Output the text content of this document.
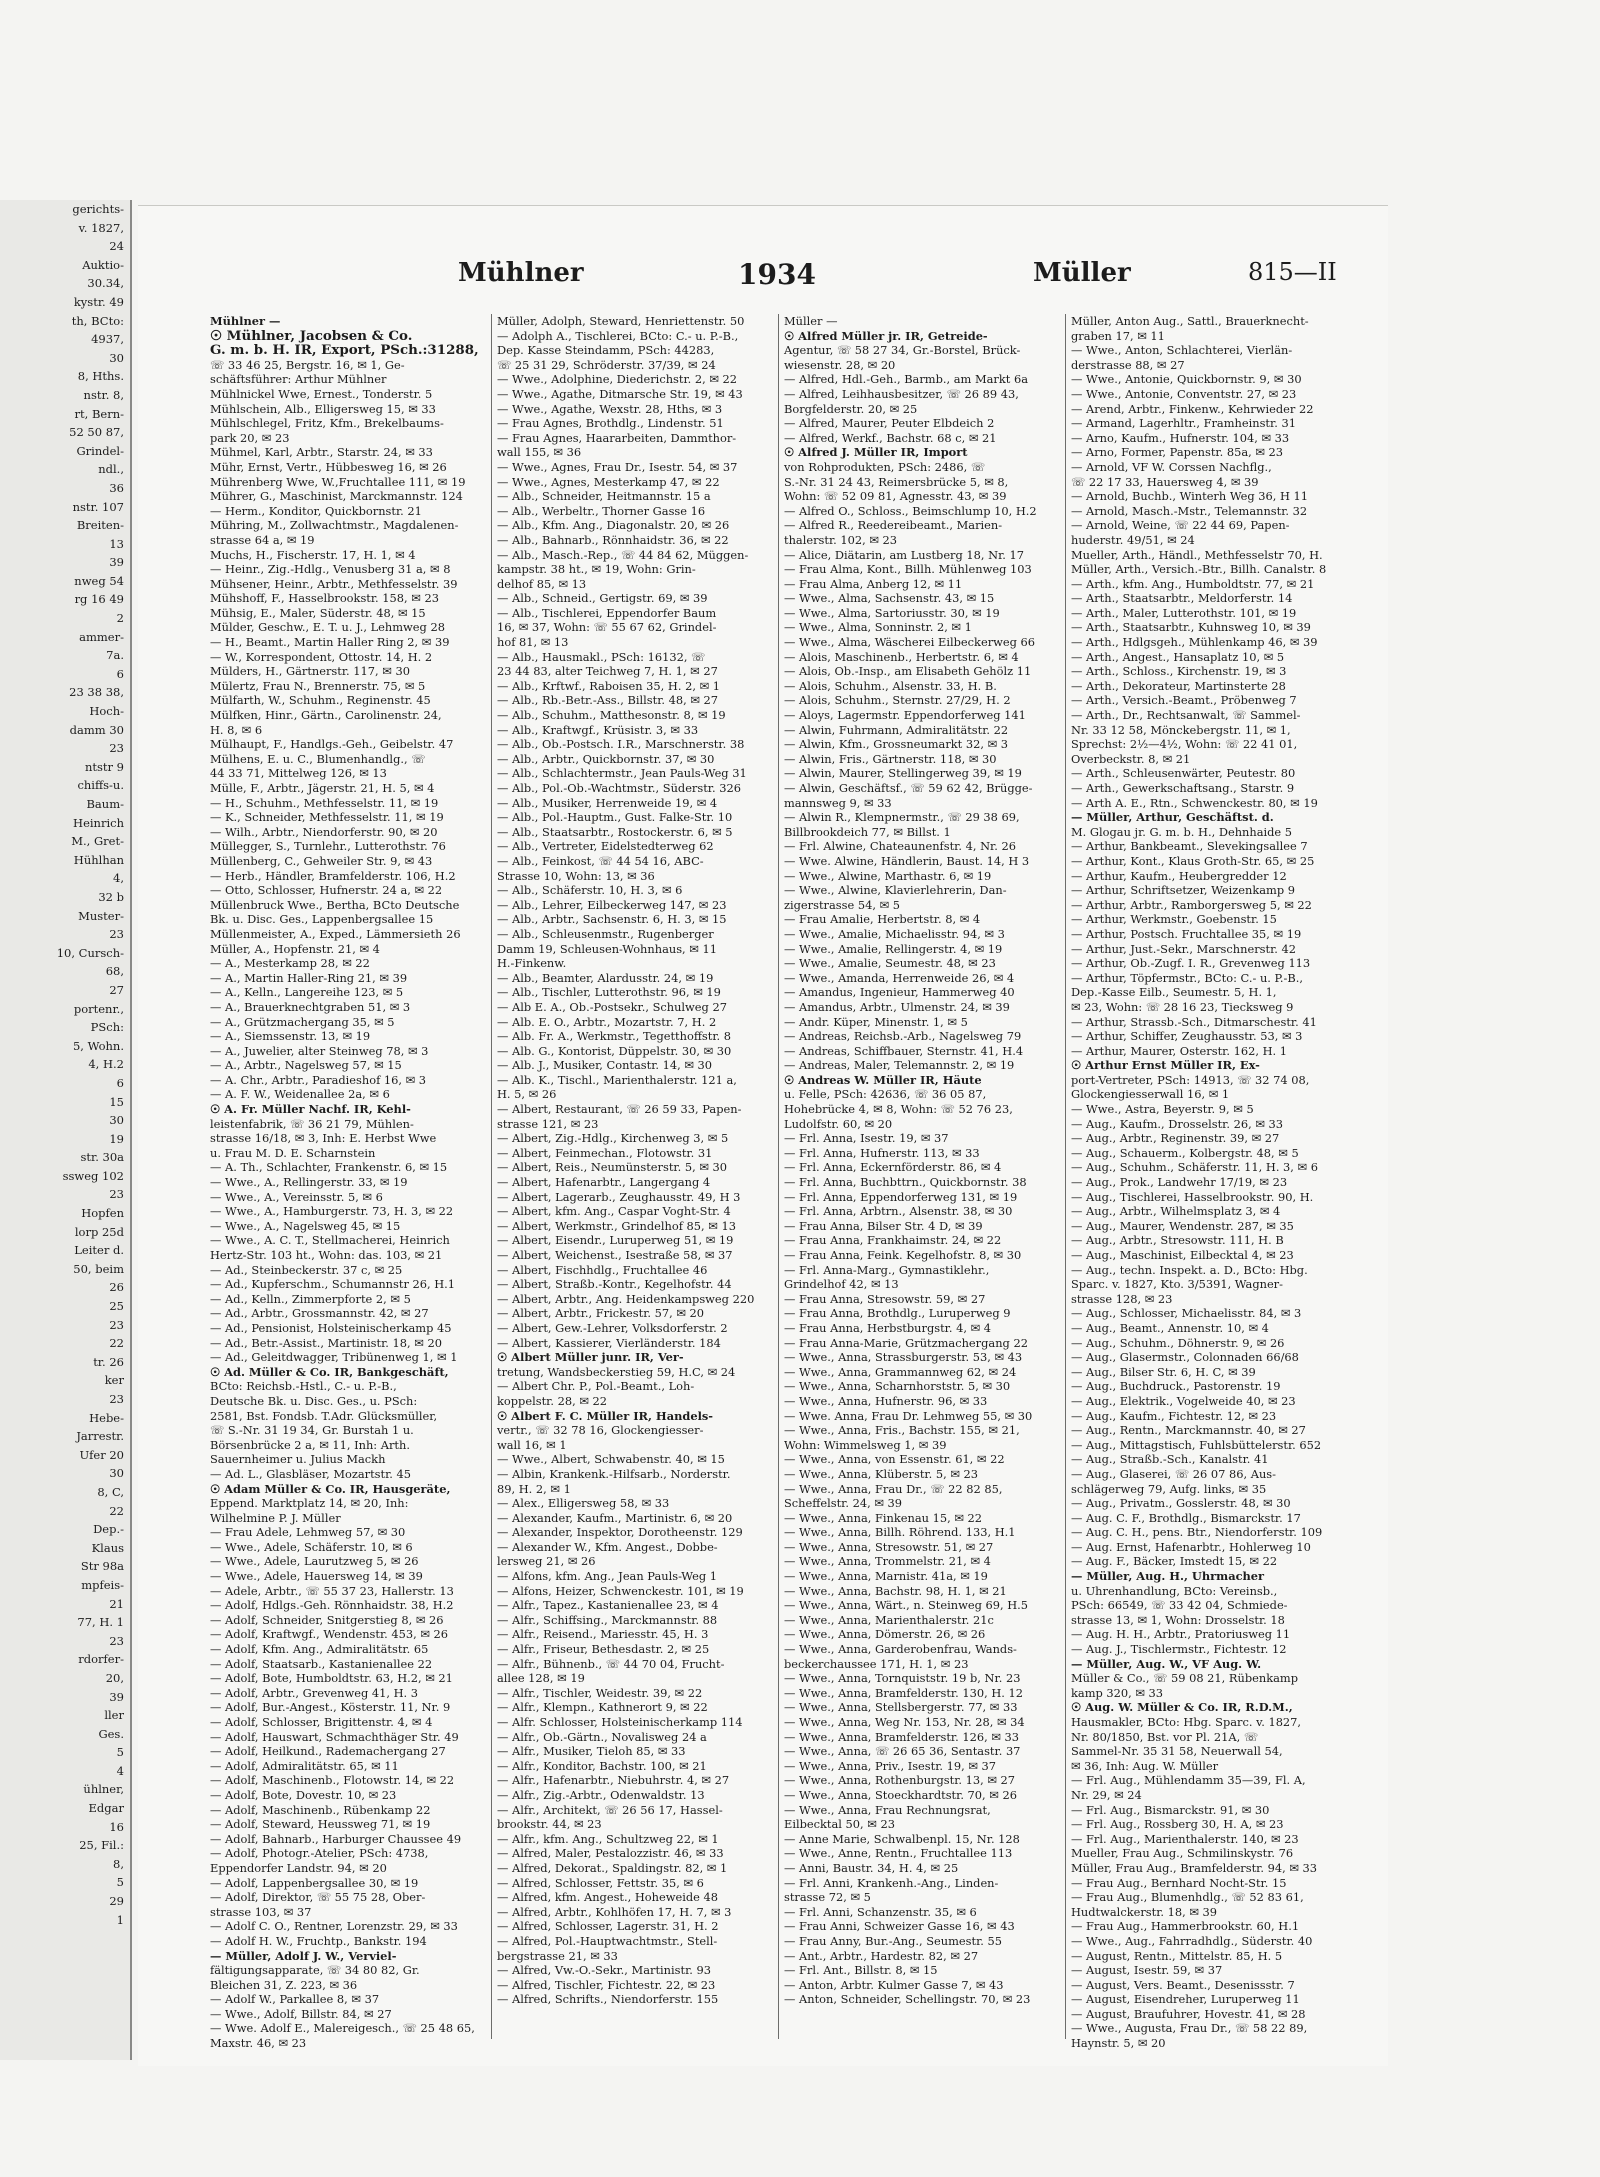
gerichts-
v. 1827,
24
Auktio-
30.34,
kystr. 49
th, BCto:
4937,
30
8, Hths.
nstr. 8,
rt, Bern-
52 50 87,
Grindel-
ndl.,
36
nstr. 107
Breiten-
13
39
nweg 54
rg 16 49
2
ammer-
7a.
6
23 38 38,
Hoch-
damm 30
23
ntstr 9
chiffs-u.
Baum-
Heinrich
M., Gret-
Hühlhan
4,
32 b
Muster-
23
10, Cursch-
68,
27
portenr.,
PSch:
5, Wohn.
4, H.2
6
15
30
19
str. 30a
ssweg 102
23
Hopfen
lorp 25d
Leiter d.
50, beim
26
25
23
22
tr. 26
ker
23
Hebe-
Jarrestr.
Ufer 20
30
8, C,
22
Dep.-
Klaus
Str 98a
mpfeis-
21
77, H. 1
23
rdorfer-
20,
39
ller
Ges.
5
4
ühlner,
Edgar
16
25, Fil.:
8,
5
29
1
Mühlner	1934	Müller	815—II
Mühlner —
☉ Mühlner, Jacobsen & Co.
G. m. b. H. IR, Export, PSch.:31288,
☏ 33 46 25, Bergstr. 16, ✉ 1, Ge-
schäftsführer: Arthur Mühlner
Mühlnickel Wwe, Ernest., Tonderstr. 5
Mühlschein, Alb., Elligersweg 15, ✉ 33
Mühlschlegel, Fritz, Kfm., Brekelbaums-
park 20, ✉ 23
Mühmel, Karl, Arbtr., Starstr. 24, ✉ 33
Mühr, Ernst, Vertr., Hübbesweg 16, ✉ 26
Mührenberg Wwe, W.,Fruchtallee 111, ✉ 19
Mührer, G., Maschinist, Marckmannstr. 124
— Herm., Konditor, Quickbornstr. 21
Mühring, M., Zollwachtmstr., Magdalenen-
strasse 64 a, ✉ 19
Muchs, H., Fischerstr. 17, H. 1, ✉ 4
— Heinr., Zig.-Hdlg., Venusberg 31 a, ✉ 8
Mühsener, Heinr., Arbtr., Methfesselstr. 39
Mühshoff, F., Hasselbrookstr. 158, ✉ 23
Mühsig, E., Maler, Süderstr. 48, ✉ 15
Mülder, Geschw., E. T. u. J., Lehmweg 28
— H., Beamt., Martin Haller Ring 2, ✉ 39
— W., Korrespondent, Ottostr. 14, H. 2
Mülders, H., Gärtnerstr. 117, ✉ 30
Mülertz, Frau N., Brennerstr. 75, ✉ 5
Mülfarth, W., Schuhm., Reginenstr. 45
Mülfken, Hinr., Gärtn., Carolinenstr. 24,
H. 8, ✉ 6
Mülhaupt, F., Handlgs.-Geh., Geibelstr. 47
Mülhens, E. u. C., Blumenhandlg., ☏
44 33 71, Mittelweg 126, ✉ 13
Mülle, F., Arbtr., Jägerstr. 21, H. 5, ✉ 4
— H., Schuhm., Methfesselstr. 11, ✉ 19
— K., Schneider, Methfesselstr. 11, ✉ 19
— Wilh., Arbtr., Niendorferstr. 90, ✉ 20
Müllegger, S., Turnlehr., Lutterothstr. 76
Müllenberg, C., Gehweiler Str. 9, ✉ 43
— Herb., Händler, Bramfelderstr. 106, H.2
— Otto, Schlosser, Hufnerstr. 24 a, ✉ 22
Müllenbruck Wwe., Bertha, BCto Deutsche
Bk. u. Disc. Ges., Lappenbergsallee 15
Müllenmeister, A., Exped., Lämmersieth 26
Müller, A., Hopfenstr. 21, ✉ 4
— A., Mesterkamp 28, ✉ 22
— A., Martin Haller-Ring 21, ✉ 39
— A., Kelln., Langereihe 123, ✉ 5
— A., Brauerknechtgraben 51, ✉ 3
— A., Grützmachergang 35, ✉ 5
— A., Siemssenstr. 13, ✉ 19
— A., Juwelier, alter Steinweg 78, ✉ 3
— A., Arbtr., Nagelsweg 57, ✉ 15
— A. Chr., Arbtr., Paradieshof 16, ✉ 3
— A. F. W., Weidenallee 2a, ✉ 6
☉ A. Fr. Müller Nachf. IR, Kehl-
leistenfabrik, ☏ 36 21 79, Mühlen-
strasse 16/18, ✉ 3, Inh: E. Herbst Wwe
u. Frau M. D. E. Scharnstein
— A. Th., Schlachter, Frankenstr. 6, ✉ 15
— Wwe., A., Rellingerstr. 33, ✉ 19
— Wwe., A., Vereinsstr. 5, ✉ 6
— Wwe., A., Hamburgerstr. 73, H. 3, ✉ 22
— Wwe., A., Nagelsweg 45, ✉ 15
— Wwe., A. C. T., Stellmacherei, Heinrich
Hertz-Str. 103 ht., Wohn: das. 103, ✉ 21
— Ad., Steinbeckerstr. 37 c, ✉ 25
— Ad., Kupferschm., Schumannstr 26, H.1
— Ad., Kelln., Zimmerpforte 2, ✉ 5
— Ad., Arbtr., Grossmannstr. 42, ✉ 27
— Ad., Pensionist, Holsteinischerkamp 45
— Ad., Betr.-Assist., Martinistr. 18, ✉ 20
— Ad., Geleitdwagger, Tribünenweg 1, ✉ 1
☉ Ad. Müller & Co. IR, Bankgeschäft,
BCto: Reichsb.-Hstl., C.- u. P.-B.,
Deutsche Bk. u. Disc. Ges., u. PSch:
2581, Bst. Fondsb. T.Adr. Glücksmüller,
☏ S.-Nr. 31 19 34, Gr. Burstah 1 u.
Börsenbrücke 2 a, ✉ 11, Inh: Arth.
Sauernheimer u. Julius Mackh
— Ad. L., Glasbläser, Mozartstr. 45
☉ Adam Müller & Co. IR, Hausgeräte,
Eppend. Marktplatz 14, ✉ 20, Inh:
Wilhelmine P. J. Müller
— Frau Adele, Lehmweg 57, ✉ 30
— Wwe., Adele, Schäferstr. 10, ✉ 6
— Wwe., Adele, Laurutzweg 5, ✉ 26
— Wwe., Adele, Hauersweg 14, ✉ 39
— Adele, Arbtr., ☏ 55 37 23, Hallerstr. 13
— Adolf, Hdlgs.-Geh. Rönnhaidstr. 38, H.2
— Adolf, Schneider, Snitgerstieg 8, ✉ 26
— Adolf, Kraftwgf., Wendenstr. 453, ✉ 26
— Adolf, Kfm. Ang., Admiralitätstr. 65
— Adolf, Staatsarb., Kastanienallee 22
— Adolf, Bote, Humboldtstr. 63, H.2, ✉ 21
— Adolf, Arbtr., Grevenweg 41, H. 3
— Adolf, Bur.-Angest., Kösterstr. 11, Nr. 9
— Adolf, Schlosser, Brigittenstr. 4, ✉ 4
— Adolf, Hauswart, Schmachthäger Str. 49
— Adolf, Heilkund., Rademachergang 27
— Adolf, Admiralitätstr. 65, ✉ 11
— Adolf, Maschinenb., Flotowstr. 14, ✉ 22
— Adolf, Bote, Dovestr. 10, ✉ 23
— Adolf, Maschinenb., Rübenkamp 22
— Adolf, Steward, Heussweg 71, ✉ 19
— Adolf, Bahnarb., Harburger Chaussee 49
— Adolf, Photogr.-Atelier, PSch: 4738,
Eppendorfer Landstr. 94, ✉ 20
— Adolf, Lappenbergsallee 30, ✉ 19
— Adolf, Direktor, ☏ 55 75 28, Ober-
strasse 103, ✉ 37
— Adolf C. O., Rentner, Lorenzstr. 29, ✉ 33
— Adolf H. W., Fruchtp., Bankstr. 194
— Müller, Adolf J. W., Verviel-
fältigungsapparate, ☏ 34 80 82, Gr.
Bleichen 31, Z. 223, ✉ 36
— Adolf W., Parkallee 8, ✉ 37
— Wwe., Adolf, Billstr. 84, ✉ 27
— Wwe. Adolf E., Malereigesch., ☏ 25 48 65,
Maxstr. 46, ✉ 23
Müller, Adolph, Steward, Henriettenstr. 50
— Adolph A., Tischlerei, BCto: C.- u. P.-B.,
Dep. Kasse Steindamm, PSch: 44283,
☏ 25 31 29, Schröderstr. 37/39, ✉ 24
— Wwe., Adolphine, Diederichstr. 2, ✉ 22
— Wwe., Agathe, Ditmarsche Str. 19, ✉ 43
— Wwe., Agathe, Wexstr. 28, Hths, ✉ 3
— Frau Agnes, Brothdlg., Lindenstr. 51
— Frau Agnes, Haararbeiten, Dammthor-
wall 155, ✉ 36
— Wwe., Agnes, Frau Dr., Isestr. 54, ✉ 37
— Wwe., Agnes, Mesterkamp 47, ✉ 22
— Alb., Schneider, Heitmannstr. 15 a
— Alb., Werbeltr., Thorner Gasse 16
— Alb., Kfm. Ang., Diagonalstr. 20, ✉ 26
— Alb., Bahnarb., Rönnhaidstr. 36, ✉ 22
— Alb., Masch.-Rep., ☏ 44 84 62, Müggen-
kampstr. 38 ht., ✉ 19, Wohn: Grin-
delhof 85, ✉ 13
— Alb., Schneid., Gertigstr. 69, ✉ 39
— Alb., Tischlerei, Eppendorfer Baum
16, ✉ 37, Wohn: ☏ 55 67 62, Grindel-
hof 81, ✉ 13
— Alb., Hausmakl., PSch: 16132, ☏
23 44 83, alter Teichweg 7, H. 1, ✉ 27
— Alb., Krftwf., Raboisen 35, H. 2, ✉ 1
— Alb., Rb.-Betr.-Ass., Billstr. 48, ✉ 27
— Alb., Schuhm., Matthesonstr. 8, ✉ 19
— Alb., Kraftwgf., Krüsistr. 3, ✉ 33
— Alb., Ob.-Postsch. I.R., Marschnerstr. 38
— Alb., Arbtr., Quickbornstr. 37, ✉ 30
— Alb., Schlachtermstr., Jean Pauls-Weg 31
— Alb., Pol.-Ob.-Wachtmstr., Süderstr. 326
— Alb., Musiker, Herrenweide 19, ✉ 4
— Alb., Pol.-Hauptm., Gust. Falke-Str. 10
— Alb., Staatsarbtr., Rostockerstr. 6, ✉ 5
— Alb., Vertreter, Eidelstedterweg 62
— Alb., Feinkost, ☏ 44 54 16, ABC-
Strasse 10, Wohn: 13, ✉ 36
— Alb., Schäferstr. 10, H. 3, ✉ 6
— Alb., Lehrer, Eilbeckerweg 147, ✉ 23
— Alb., Arbtr., Sachsenstr. 6, H. 3, ✉ 15
— Alb., Schleusenmstr., Rugenberger
Damm 19, Schleusen-Wohnhaus, ✉ 11
H.-Finkenw.
— Alb., Beamter, Alardusstr. 24, ✉ 19
— Alb., Tischler, Lutterothstr. 96, ✉ 19
— Alb E. A., Ob.-Postsekr., Schulweg 27
— Alb. E. O., Arbtr., Mozartstr. 7, H. 2
— Alb. Fr. A., Werkmstr., Tegetthoffstr. 8
— Alb. G., Kontorist, Düppelstr. 30, ✉ 30
— Alb. J., Musiker, Contastr. 14, ✉ 30
— Alb. K., Tischl., Marienthalerstr. 121 a,
H. 5, ✉ 26
— Albert, Restaurant, ☏ 26 59 33, Papen-
strasse 121, ✉ 23
— Albert, Zig.-Hdlg., Kirchenweg 3, ✉ 5
— Albert, Feinmechan., Flotowstr. 31
— Albert, Reis., Neumünsterstr. 5, ✉ 30
— Albert, Hafenarbtr., Langergang 4
— Albert, Lagerarb., Zeughausstr. 49, H 3
— Albert, kfm. Ang., Caspar Voght-Str. 4
— Albert, Werkmstr., Grindelhof 85, ✉ 13
— Albert, Eisendr., Luruperweg 51, ✉ 19
— Albert, Weichenst., Isestraße 58, ✉ 37
— Albert, Fischhdlg., Fruchtallee 46
— Albert, Straßb.-Kontr., Kegelhofstr. 44
— Albert, Arbtr., Ang. Heidenkampsweg 220
— Albert, Arbtr., Frickestr. 57, ✉ 20
— Albert, Gew.-Lehrer, Volksdorferstr. 2
— Albert, Kassierer, Vierländerstr. 184
☉ Albert Müller junr. IR, Ver-
tretung, Wandsbeckerstieg 59, H.C, ✉ 24
— Albert Chr. P., Pol.-Beamt., Loh-
koppelstr. 28, ✉ 22
☉ Albert F. C. Müller IR, Handels-
vertr., ☏ 32 78 16, Glockengiesser-
wall 16, ✉ 1
— Wwe., Albert, Schwabenstr. 40, ✉ 15
— Albin, Krankenk.-Hilfsarb., Norderstr.
89, H. 2, ✉ 1
— Alex., Elligersweg 58, ✉ 33
— Alexander, Kaufm., Martinistr. 6, ✉ 20
— Alexander, Inspektor, Dorotheenstr. 129
— Alexander W., Kfm. Angest., Dobbe-
lersweg 21, ✉ 26
— Alfons, kfm. Ang., Jean Pauls-Weg 1
— Alfons, Heizer, Schwenckestr. 101, ✉ 19
— Alfr., Tapez., Kastanienallee 23, ✉ 4
— Alfr., Schiffsing., Marckmannstr. 88
— Alfr., Reisend., Mariesstr. 45, H. 3
— Alfr., Friseur, Bethesdastr. 2, ✉ 25
— Alfr., Bühnenb., ☏ 44 70 04, Frucht-
allee 128, ✉ 19
— Alfr., Tischler, Weidestr. 39, ✉ 22
— Alfr., Klempn., Kathnerort 9, ✉ 22
— Alfr. Schlosser, Holsteinischerkamp 114
— Alfr., Ob.-Gärtn., Novalisweg 24 a
— Alfr., Musiker, Tieloh 85, ✉ 33
— Alfr., Konditor, Bachstr. 100, ✉ 21
— Alfr., Hafenarbtr., Niebuhrstr. 4, ✉ 27
— Alfr., Zig.-Arbtr., Odenwaldstr. 13
— Alfr., Architekt, ☏ 26 56 17, Hassel-
brookstr. 44, ✉ 23
— Alfr., kfm. Ang., Schultzweg 22, ✉ 1
— Alfred, Maler, Pestalozzistr. 46, ✉ 33
— Alfred, Dekorat., Spaldingstr. 82, ✉ 1
— Alfred, Schlosser, Fettstr. 35, ✉ 6
— Alfred, kfm. Angest., Hoheweide 48
— Alfred, Arbtr., Kohlhöfen 17, H. 7, ✉ 3
— Alfred, Schlosser, Lagerstr. 31, H. 2
— Alfred, Pol.-Hauptwachtmstr., Stell-
bergstrasse 21, ✉ 33
— Alfred, Vw.-O.-Sekr., Martinistr. 93
— Alfred, Tischler, Fichtestr. 22, ✉ 23
— Alfred, Schrifts., Niendorferstr. 155
Müller —
☉ Alfred Müller jr. IR, Getreide-
Agentur, ☏ 58 27 34, Gr.-Borstel, Brück-
wiesenstr. 28, ✉ 20
— Alfred, Hdl.-Geh., Barmb., am Markt 6a
— Alfred, Leihhausbesitzer, ☏ 26 89 43,
Borgfelderstr. 20, ✉ 25
— Alfred, Maurer, Peuter Elbdeich 2
— Alfred, Werkf., Bachstr. 68 c, ✉ 21
☉ Alfred J. Müller IR, Import
von Rohprodukten, PSch: 2486, ☏
S.-Nr. 31 24 43, Reimersbrücke 5, ✉ 8,
Wohn: ☏ 52 09 81, Agnesstr. 43, ✉ 39
— Alfred O., Schloss., Beimschlump 10, H.2
— Alfred R., Reedereibeamt., Marien-
thalerstr. 102, ✉ 23
— Alice, Diätarin, am Lustberg 18, Nr. 17
— Frau Alma, Kont., Billh. Mühlenweg 103
— Frau Alma, Anberg 12, ✉ 11
— Wwe., Alma, Sachsenstr. 43, ✉ 15
— Wwe., Alma, Sartoriusstr. 30, ✉ 19
— Wwe., Alma, Sonninstr. 2, ✉ 1
— Wwe., Alma, Wäscherei Eilbeckerweg 66
— Alois, Maschinenb., Herbertstr. 6, ✉ 4
— Alois, Ob.-Insp., am Elisabeth Gehölz 11
— Alois, Schuhm., Alsenstr. 33, H. B.
— Alois, Schuhm., Sternstr. 27/29, H. 2
— Aloys, Lagermstr. Eppendorferweg 141
— Alwin, Fuhrmann, Admiralitätstr. 22
— Alwin, Kfm., Grossneumarkt 32, ✉ 3
— Alwin, Fris., Gärtnerstr. 118, ✉ 30
— Alwin, Maurer, Stellingerweg 39, ✉ 19
— Alwin, Geschäftsf., ☏ 59 62 42, Brügge-
mannsweg 9, ✉ 33
— Alwin R., Klempnermstr., ☏ 29 38 69,
Billbrookdeich 77, ✉ Billst. 1
— Frl. Alwine, Chateaunenfstr. 4, Nr. 26
— Wwe. Alwine, Händlerin, Baust. 14, H 3
— Wwe., Alwine, Marthastr. 6, ✉ 19
— Wwe., Alwine, Klavierlehrerin, Dan-
zigerstrasse 54, ✉ 5
— Frau Amalie, Herbertstr. 8, ✉ 4
— Wwe., Amalie, Michaelisstr. 94, ✉ 3
— Wwe., Amalie, Rellingerstr. 4, ✉ 19
— Wwe., Amalie, Seumestr. 48, ✉ 23
— Wwe., Amanda, Herrenweide 26, ✉ 4
— Amandus, Ingenieur, Hammerweg 40
— Amandus, Arbtr., Ulmenstr. 24, ✉ 39
— Andr. Küper, Minenstr. 1, ✉ 5
— Andreas, Reichsb.-Arb., Nagelsweg 79
— Andreas, Schiffbauer, Sternstr. 41, H.4
— Andreas, Maler, Telemannstr. 2, ✉ 19
☉ Andreas W. Müller IR, Häute
u. Felle, PSch: 42636, ☏ 36 05 87,
Hohebrücke 4, ✉ 8, Wohn: ☏ 52 76 23,
Ludolfstr. 60, ✉ 20
— Frl. Anna, Isestr. 19, ✉ 37
— Frl. Anna, Hufnerstr. 113, ✉ 33
— Frl. Anna, Eckernförderstr. 86, ✉ 4
— Frl. Anna, Buchbttrn., Quickbornstr. 38
— Frl. Anna, Eppendorferweg 131, ✉ 19
— Frl. Anna, Arbtrn., Alsenstr. 38, ✉ 30
— Frau Anna, Bilser Str. 4 D, ✉ 39
— Frau Anna, Frankhaimstr. 24, ✉ 22
— Frau Anna, Feink. Kegelhofstr. 8, ✉ 30
— Frl. Anna-Marg., Gymnastiklehr.,
Grindelhof 42, ✉ 13
— Frau Anna, Stresowstr. 59, ✉ 27
— Frau Anna, Brothdlg., Luruperweg 9
— Frau Anna, Herbstburgstr. 4, ✉ 4
— Frau Anna-Marie, Grützmachergang 22
— Wwe., Anna, Strassburgerstr. 53, ✉ 43
— Wwe., Anna, Grammannweg 62, ✉ 24
— Wwe., Anna, Scharnhorststr. 5, ✉ 30
— Wwe., Anna, Hufnerstr. 96, ✉ 33
— Wwe. Anna, Frau Dr. Lehmweg 55, ✉ 30
— Wwe., Anna, Fris., Bachstr. 155, ✉ 21,
Wohn: Wimmelsweg 1, ✉ 39
— Wwe., Anna, von Essenstr. 61, ✉ 22
— Wwe., Anna, Klüberstr. 5, ✉ 23
— Wwe., Anna, Frau Dr., ☏ 22 82 85,
Scheffelstr. 24, ✉ 39
— Wwe., Anna, Finkenau 15, ✉ 22
— Wwe., Anna, Billh. Röhrend. 133, H.1
— Wwe., Anna, Stresowstr. 51, ✉ 27
— Wwe., Anna, Trommelstr. 21, ✉ 4
— Wwe., Anna, Marnistr. 41a, ✉ 19
— Wwe., Anna, Bachstr. 98, H. 1, ✉ 21
— Wwe., Anna, Wärt., n. Steinweg 69, H.5
— Wwe., Anna, Marienthalerstr. 21c
— Wwe., Anna, Dömerstr. 26, ✉ 26
— Wwe., Anna, Garderobenfrau, Wands-
beckerchaussee 171, H. 1, ✉ 23
— Wwe., Anna, Tornquiststr. 19 b, Nr. 23
— Wwe., Anna, Bramfelderstr. 130, H. 12
— Wwe., Anna, Stellsbergerstr. 77, ✉ 33
— Wwe., Anna, Weg Nr. 153, Nr. 28, ✉ 34
— Wwe., Anna, Bramfelderstr. 126, ✉ 33
— Wwe., Anna, ☏ 26 65 36, Sentastr. 37
— Wwe., Anna, Priv., Isestr. 19, ✉ 37
— Wwe., Anna, Rothenburgstr. 13, ✉ 27
— Wwe., Anna, Stoeckhardtstr. 70, ✉ 26
— Wwe., Anna, Frau Rechnungsrat,
Eilbecktal 50, ✉ 23
— Anne Marie, Schwalbenpl. 15, Nr. 128
— Wwe., Anne, Rentn., Fruchtallee 113
— Anni, Baustr. 34, H. 4, ✉ 25
— Frl. Anni, Krankenh.-Ang., Linden-
strasse 72, ✉ 5
— Frl. Anni, Schanzenstr. 35, ✉ 6
— Frau Anni, Schweizer Gasse 16, ✉ 43
— Frau Anny, Bur.-Ang., Seumestr. 55
— Ant., Arbtr., Hardestr. 82, ✉ 27
— Frl. Ant., Billstr. 8, ✉ 15
— Anton, Arbtr. Kulmer Gasse 7, ✉ 43
— Anton, Schneider, Schellingstr. 70, ✉ 23
Müller, Anton Aug., Sattl., Brauerknecht-
graben 17, ✉ 11
— Wwe., Anton, Schlachterei, Vierlän-
derstrasse 88, ✉ 27
— Wwe., Antonie, Quickbornstr. 9, ✉ 30
— Wwe., Antonie, Conventstr. 27, ✉ 23
— Arend, Arbtr., Finkenw., Kehrwieder 22
— Armand, Lagerhltr., Framheinstr. 31
— Arno, Kaufm., Hufnerstr. 104, ✉ 33
— Arno, Former, Papenstr. 85a, ✉ 23
— Arnold, VF W. Corssen Nachflg.,
☏ 22 17 33, Hauersweg 4, ✉ 39
— Arnold, Buchb., Winterh Weg 36, H 11
— Arnold, Masch.-Mstr., Telemannstr. 32
— Arnold, Weine, ☏ 22 44 69, Papen-
huderstr. 49/51, ✉ 24
Mueller, Arth., Händl., Methfesselstr 70, H.
Müller, Arth., Versich.-Btr., Billh. Canalstr. 8
— Arth., kfm. Ang., Humboldtstr. 77, ✉ 21
— Arth., Staatsarbtr., Meldorferstr. 14
— Arth., Maler, Lutterothstr. 101, ✉ 19
— Arth., Staatsarbtr., Kuhnsweg 10, ✉ 39
— Arth., Hdlgsgeh., Mühlenkamp 46, ✉ 39
— Arth., Angest., Hansaplatz 10, ✉ 5
— Arth., Schloss., Kirchenstr. 19, ✉ 3
— Arth., Dekorateur, Martinsterte 28
— Arth., Versich.-Beamt., Pröbenweg 7
— Arth., Dr., Rechtsanwalt, ☏ Sammel-
Nr. 33 12 58, Mönckebergstr. 11, ✉ 1,
Sprechst: 2½—4½, Wohn: ☏ 22 41 01,
Overbeckstr. 8, ✉ 21
— Arth., Schleusenwärter, Peutestr. 80
— Arth., Gewerkschaftsang., Starstr. 9
— Arth A. E., Rtn., Schwenckestr. 80, ✉ 19
— Müller, Arthur, Geschäftst. d.
M. Glogau jr. G. m. b. H., Dehnhaide 5
— Arthur, Bankbeamt., Slevekingsallee 7
— Arthur, Kont., Klaus Groth-Str. 65, ✉ 25
— Arthur, Kaufm., Heubergredder 12
— Arthur, Schriftsetzer, Weizenkamp 9
— Arthur, Arbtr., Ramborgersweg 5, ✉ 22
— Arthur, Werkmstr., Goebenstr. 15
— Arthur, Postsch. Fruchtallee 35, ✉ 19
— Arthur, Just.-Sekr., Marschnerstr. 42
— Arthur, Ob.-Zugf. I. R., Grevenweg 113
— Arthur, Töpfermstr., BCto: C.- u. P.-B.,
Dep.-Kasse Eilb., Seumestr. 5, H. 1,
✉ 23, Wohn: ☏ 28 16 23, Tiecksweg 9
— Arthur, Strassb.-Sch., Ditmarschestr. 41
— Arthur, Schiffer, Zeughausstr. 53, ✉ 3
— Arthur, Maurer, Osterstr. 162, H. 1
☉ Arthur Ernst Müller IR, Ex-
port-Vertreter, PSch: 14913, ☏ 32 74 08,
Glockengiesserwall 16, ✉ 1
— Wwe., Astra, Beyerstr. 9, ✉ 5
— Aug., Kaufm., Drosselstr. 26, ✉ 33
— Aug., Arbtr., Reginenstr. 39, ✉ 27
— Aug., Schauerm., Kolbergstr. 48, ✉ 5
— Aug., Schuhm., Schäferstr. 11, H. 3, ✉ 6
— Aug., Prok., Landwehr 17/19, ✉ 23
— Aug., Tischlerei, Hasselbrookstr. 90, H.
— Aug., Arbtr., Wilhelmsplatz 3, ✉ 4
— Aug., Maurer, Wendenstr. 287, ✉ 35
— Aug., Arbtr., Stresowstr. 111, H. B
— Aug., Maschinist, Eilbecktal 4, ✉ 23
— Aug., techn. Inspekt. a. D., BCto: Hbg.
Sparc. v. 1827, Kto. 3/5391, Wagner-
strasse 128, ✉ 23
— Aug., Schlosser, Michaelisstr. 84, ✉ 3
— Aug., Beamt., Annenstr. 10, ✉ 4
— Aug., Schuhm., Döhnerstr. 9, ✉ 26
— Aug., Glasermstr., Colonnaden 66/68
— Aug., Bilser Str. 6, H. C, ✉ 39
— Aug., Buchdruck., Pastorenstr. 19
— Aug., Elektrik., Vogelweide 40, ✉ 23
— Aug., Kaufm., Fichtestr. 12, ✉ 23
— Aug., Rentn., Marckmannstr. 40, ✉ 27
— Aug., Mittagstisch, Fuhlsbüttelerstr. 652
— Aug., Straßb.-Sch., Kanalstr. 41
— Aug., Glaserei, ☏ 26 07 86, Aus-
schlägerweg 79, Aufg. links, ✉ 35
— Aug., Privatm., Gosslerstr. 48, ✉ 30
— Aug. C. F., Brothdlg., Bismarckstr. 17
— Aug. C. H., pens. Btr., Niendorferstr. 109
— Aug. Ernst, Hafenarbtr., Hohlerweg 10
— Aug. F., Bäcker, Imstedt 15, ✉ 22
— Müller, Aug. H., Uhrmacher
u. Uhrenhandlung, BCto: Vereinsb.,
PSch: 66549, ☏ 33 42 04, Schmiede-
strasse 13, ✉ 1, Wohn: Drosselstr. 18
— Aug. H. H., Arbtr., Pratoriusweg 11
— Aug. J., Tischlermstr., Fichtestr. 12
— Müller, Aug. W., VF Aug. W.
Müller & Co., ☏ 59 08 21, Rübenkamp
kamp 320, ✉ 33
☉ Aug. W. Müller & Co. IR, R.D.M.,
Hausmakler, BCto: Hbg. Sparc. v. 1827,
Nr. 80/1850, Bst. vor Pl. 21A, ☏
Sammel-Nr. 35 31 58, Neuerwall 54,
✉ 36, Inh: Aug. W. Müller
— Frl. Aug., Mühlendamm 35—39, Fl. A,
Nr. 29, ✉ 24
— Frl. Aug., Bismarckstr. 91, ✉ 30
— Frl. Aug., Rossberg 30, H. A, ✉ 23
— Frl. Aug., Marienthalerstr. 140, ✉ 23
Mueller, Frau Aug., Schmilinskystr. 76
Müller, Frau Aug., Bramfelderstr. 94, ✉ 33
— Frau Aug., Bernhard Nocht-Str. 15
— Frau Aug., Blumenhdlg., ☏ 52 83 61,
Hudtwalckerstr. 18, ✉ 39
— Frau Aug., Hammerbrookstr. 60, H.1
— Wwe., Aug., Fahrradhdlg., Süderstr. 40
— August, Rentn., Mittelstr. 85, H. 5
— August, Isestr. 59, ✉ 37
— August, Vers. Beamt., Desenissstr. 7
— August, Eisendreher, Luruperweg 11
— August, Braufuhrer, Hovestr. 41, ✉ 28
— Wwe., Augusta, Frau Dr., ☏ 58 22 89,
Haynstr. 5, ✉ 20
